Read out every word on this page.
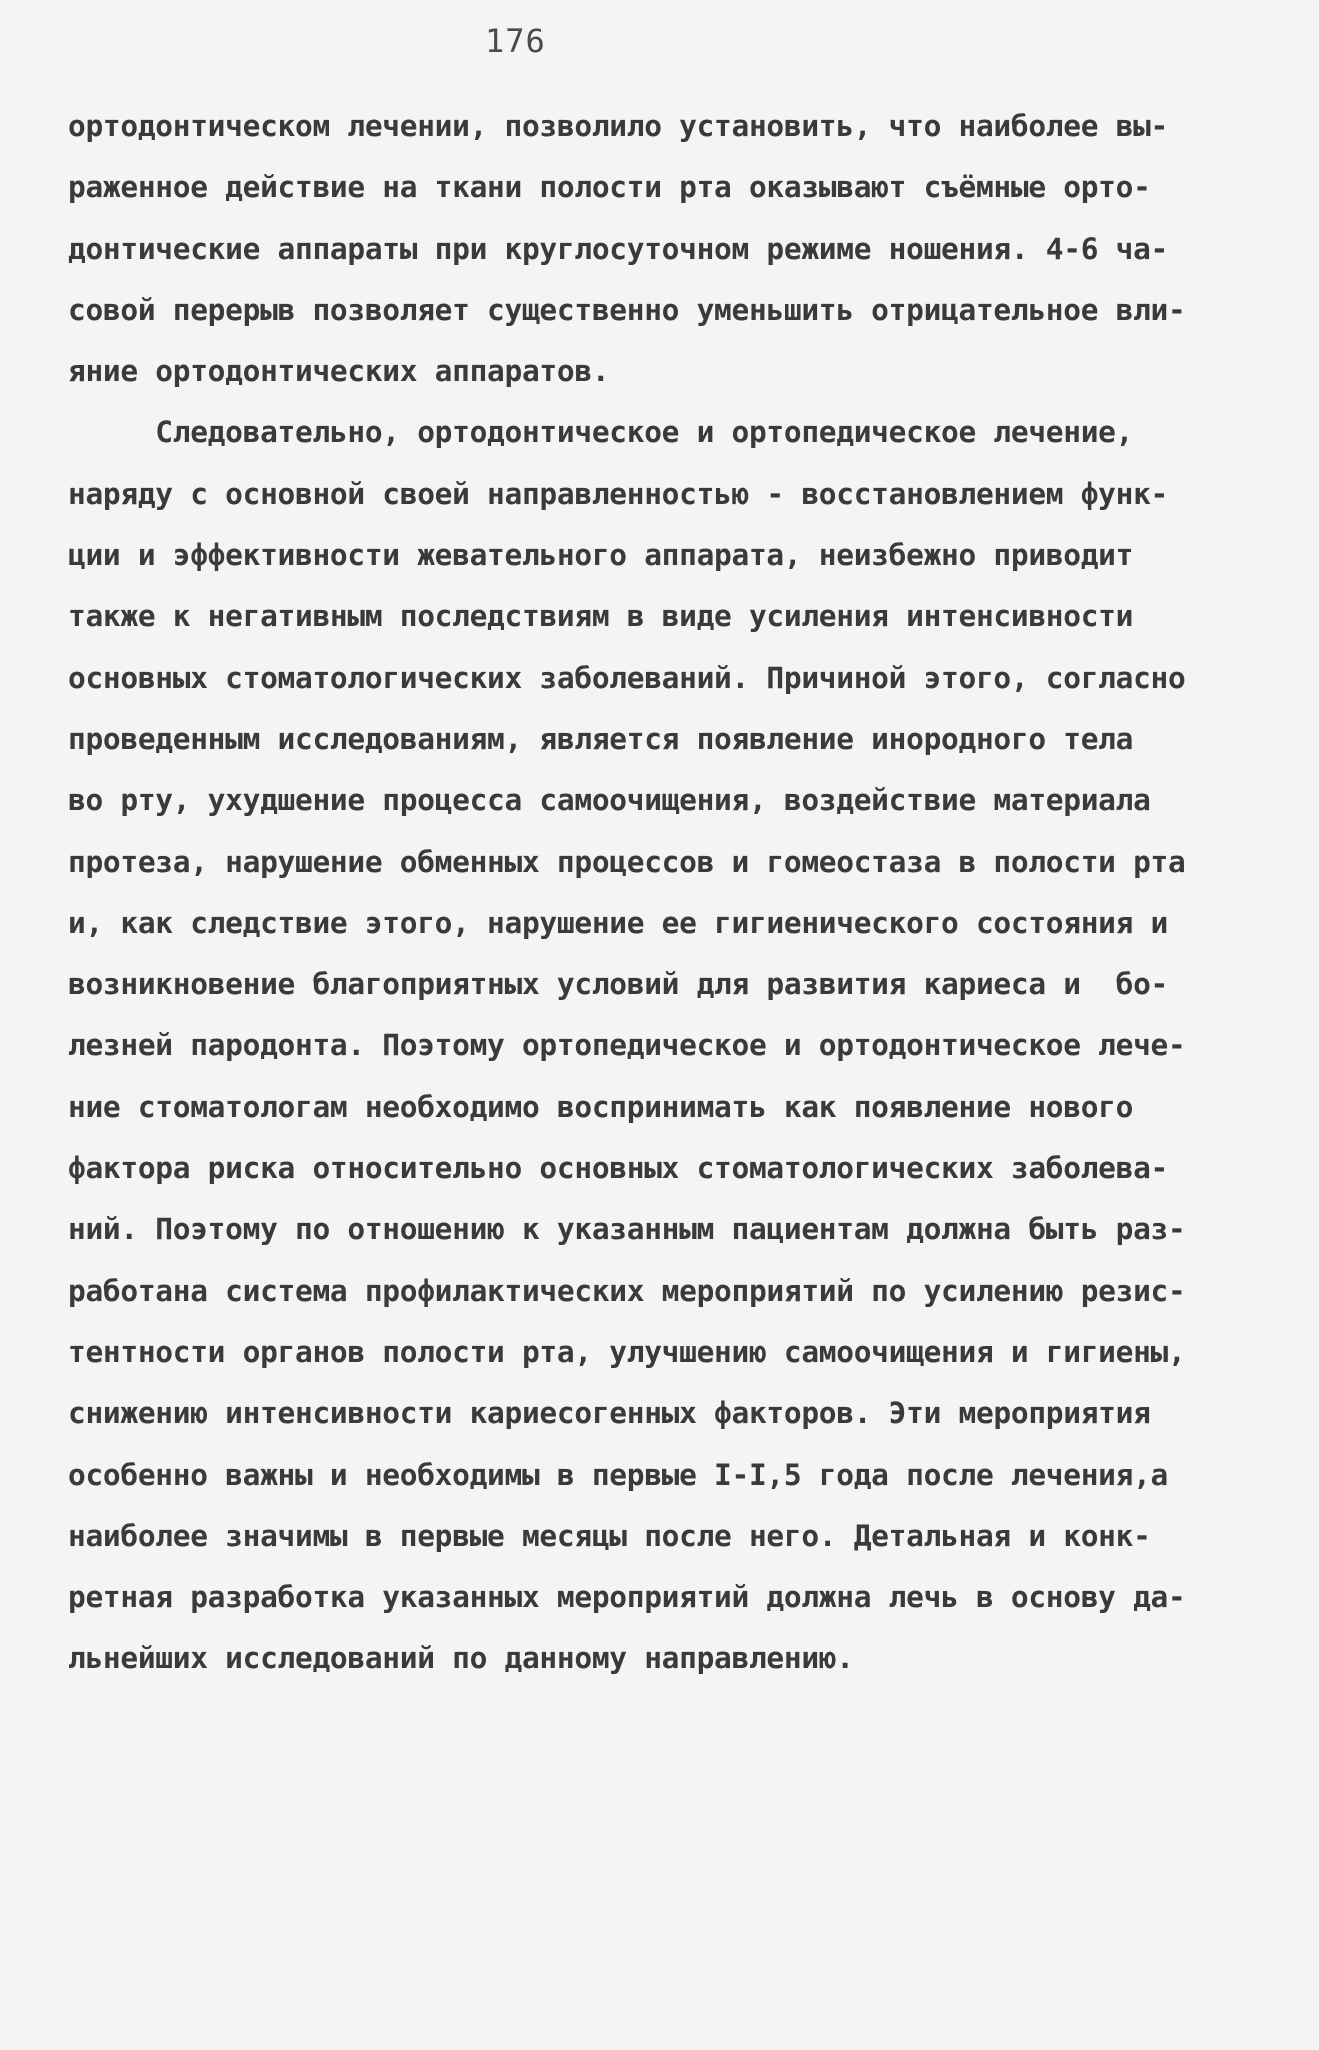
176
ортодонтическом лечении, позволило установить, что наиболее вы-
раженное действие на ткани полости рта оказывают съёмные орто-
донтические аппараты при круглосуточном режиме ношения. 4-6 ча-
совой перерыв позволяет существенно уменьшить отрицательное вли-
яние ортодонтических аппаратов.
Следовательно, ортодонтическое и ортопедическое лечение,
наряду с основной своей направленностью - восстановлением функ-
ции и эффективности жевательного аппарата, неизбежно приводит
также к негативным последствиям в виде усиления интенсивности
основных стоматологических заболеваний. Причиной этого, согласно
проведенным исследованиям, является появление инородного тела
во рту, ухудшение процесса самоочищения, воздействие материала
протеза, нарушение обменных процессов и гомеостаза в полости рта
и, как следствие этого, нарушение ее гигиенического состояния и
возникновение благоприятных условий для развития кариеса и  бо-
лезней пародонта. Поэтому ортопедическое и ортодонтическое лече-
ние стоматологам необходимо воспринимать как появление нового
фактора риска относительно основных стоматологических заболева-
ний. Поэтому по отношению к указанным пациентам должна быть раз-
работана система профилактических мероприятий по усилению резис-
тентности органов полости рта, улучшению самоочищения и гигиены,
снижению интенсивности кариесогенных факторов. Эти мероприятия
особенно важны и необходимы в первые I-I,5 года после лечения,а
наиболее значимы в первые месяцы после него. Детальная и конк-
ретная разработка указанных мероприятий должна лечь в основу да-
льнейших исследований по данному направлению.
